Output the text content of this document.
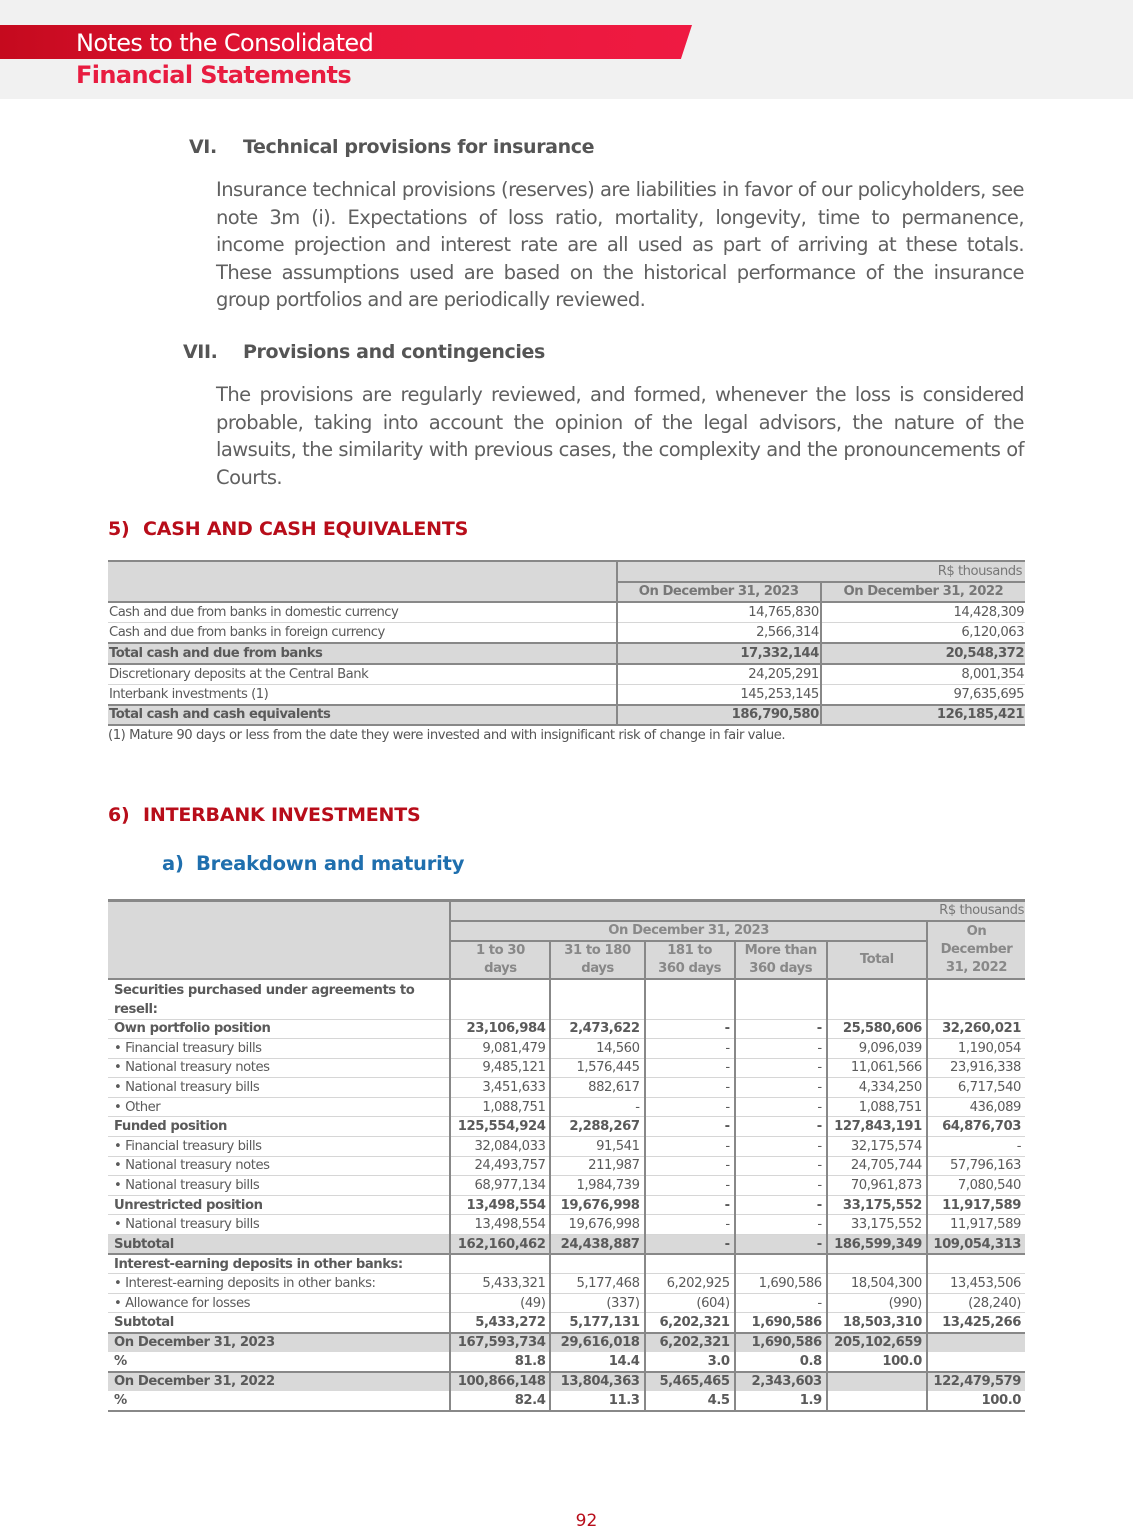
Notes to the Consolidated
Financial Statements
VI. Technical provisions for insurance
Insurance technical provisions (reserves) are liabilities in favor of our policyholders, see note 3m (i). Expectations of loss ratio, mortality, longevity, time to permanence, income projection and interest rate are all used as part of arriving at these totals. These assumptions used are based on the historical performance of the insurance group portfolios and are periodically reviewed.
VII. Provisions and contingencies
The provisions are regularly reviewed, and formed, whenever the loss is considered probable, taking into account the opinion of the legal advisors, the nature of the lawsuits, the similarity with previous cases, the complexity and the pronouncements of Courts.
5) CASH AND CASH EQUIVALENTS
	R$ thousands	
	On December 31, 2023	On December 31, 2022
Cash and due from banks in domestic currency	14,765,830	14,428,309
Cash and due from banks in foreign currency	2,566,314	6,120,063
Total cash and due from banks	17,332,144	20,548,372
Discretionary deposits at the Central Bank	24,205,291	8,001,354
Interbank investments (1)	145,253,145	97,635,695
Total cash and cash equivalents	186,790,580	126,185,421
(1) Mature 90 days or less from the date they were invested and with insignificant risk of change in fair value.
6) INTERBANK INVESTMENTS
a) Breakdown and maturity
	R$ thousands					
	On December 31, 2023					On December 31, 2022
	1 to 30 days	31 to 180 days	181 to 360 days	More than 360 days	Total	
Securities purchased under agreements to resell:						
Own portfolio position	23,106,984	2,473,622	-	-	25,580,606	32,260,021
• Financial treasury bills	9,081,479	14,560	-	-	9,096,039	1,190,054
• National treasury notes	9,485,121	1,576,445	-	-	11,061,566	23,916,338
• National treasury bills	3,451,633	882,617	-	-	4,334,250	6,717,540
• Other	1,088,751	-	-	-	1,088,751	436,089
Funded position	125,554,924	2,288,267	-	-	127,843,191	64,876,703
• Financial treasury bills	32,084,033	91,541	-	-	32,175,574	-
• National treasury notes	24,493,757	211,987	-	-	24,705,744	57,796,163
• National treasury bills	68,977,134	1,984,739	-	-	70,961,873	7,080,540
Unrestricted position	13,498,554	19,676,998	-	-	33,175,552	11,917,589
• National treasury bills	13,498,554	19,676,998	-	-	33,175,552	11,917,589
Subtotal	162,160,462	24,438,887	-	-	186,599,349	109,054,313
Interest-earning deposits in other banks:						
• Interest-earning deposits in other banks:	5,433,321	5,177,468	6,202,925	1,690,586	18,504,300	13,453,506
• Allowance for losses	(49)	(337)	(604)	-	(990)	(28,240)
Subtotal	5,433,272	5,177,131	6,202,321	1,690,586	18,503,310	13,425,266
On December 31, 2023	167,593,734	29,616,018	6,202,321	1,690,586	205,102,659	
%	81.8	14.4	3.0	0.8	100.0	
On December 31, 2022	100,866,148	13,804,363	5,465,465	2,343,603		122,479,579
%	82.4	11.3	4.5	1.9		100.0
92
